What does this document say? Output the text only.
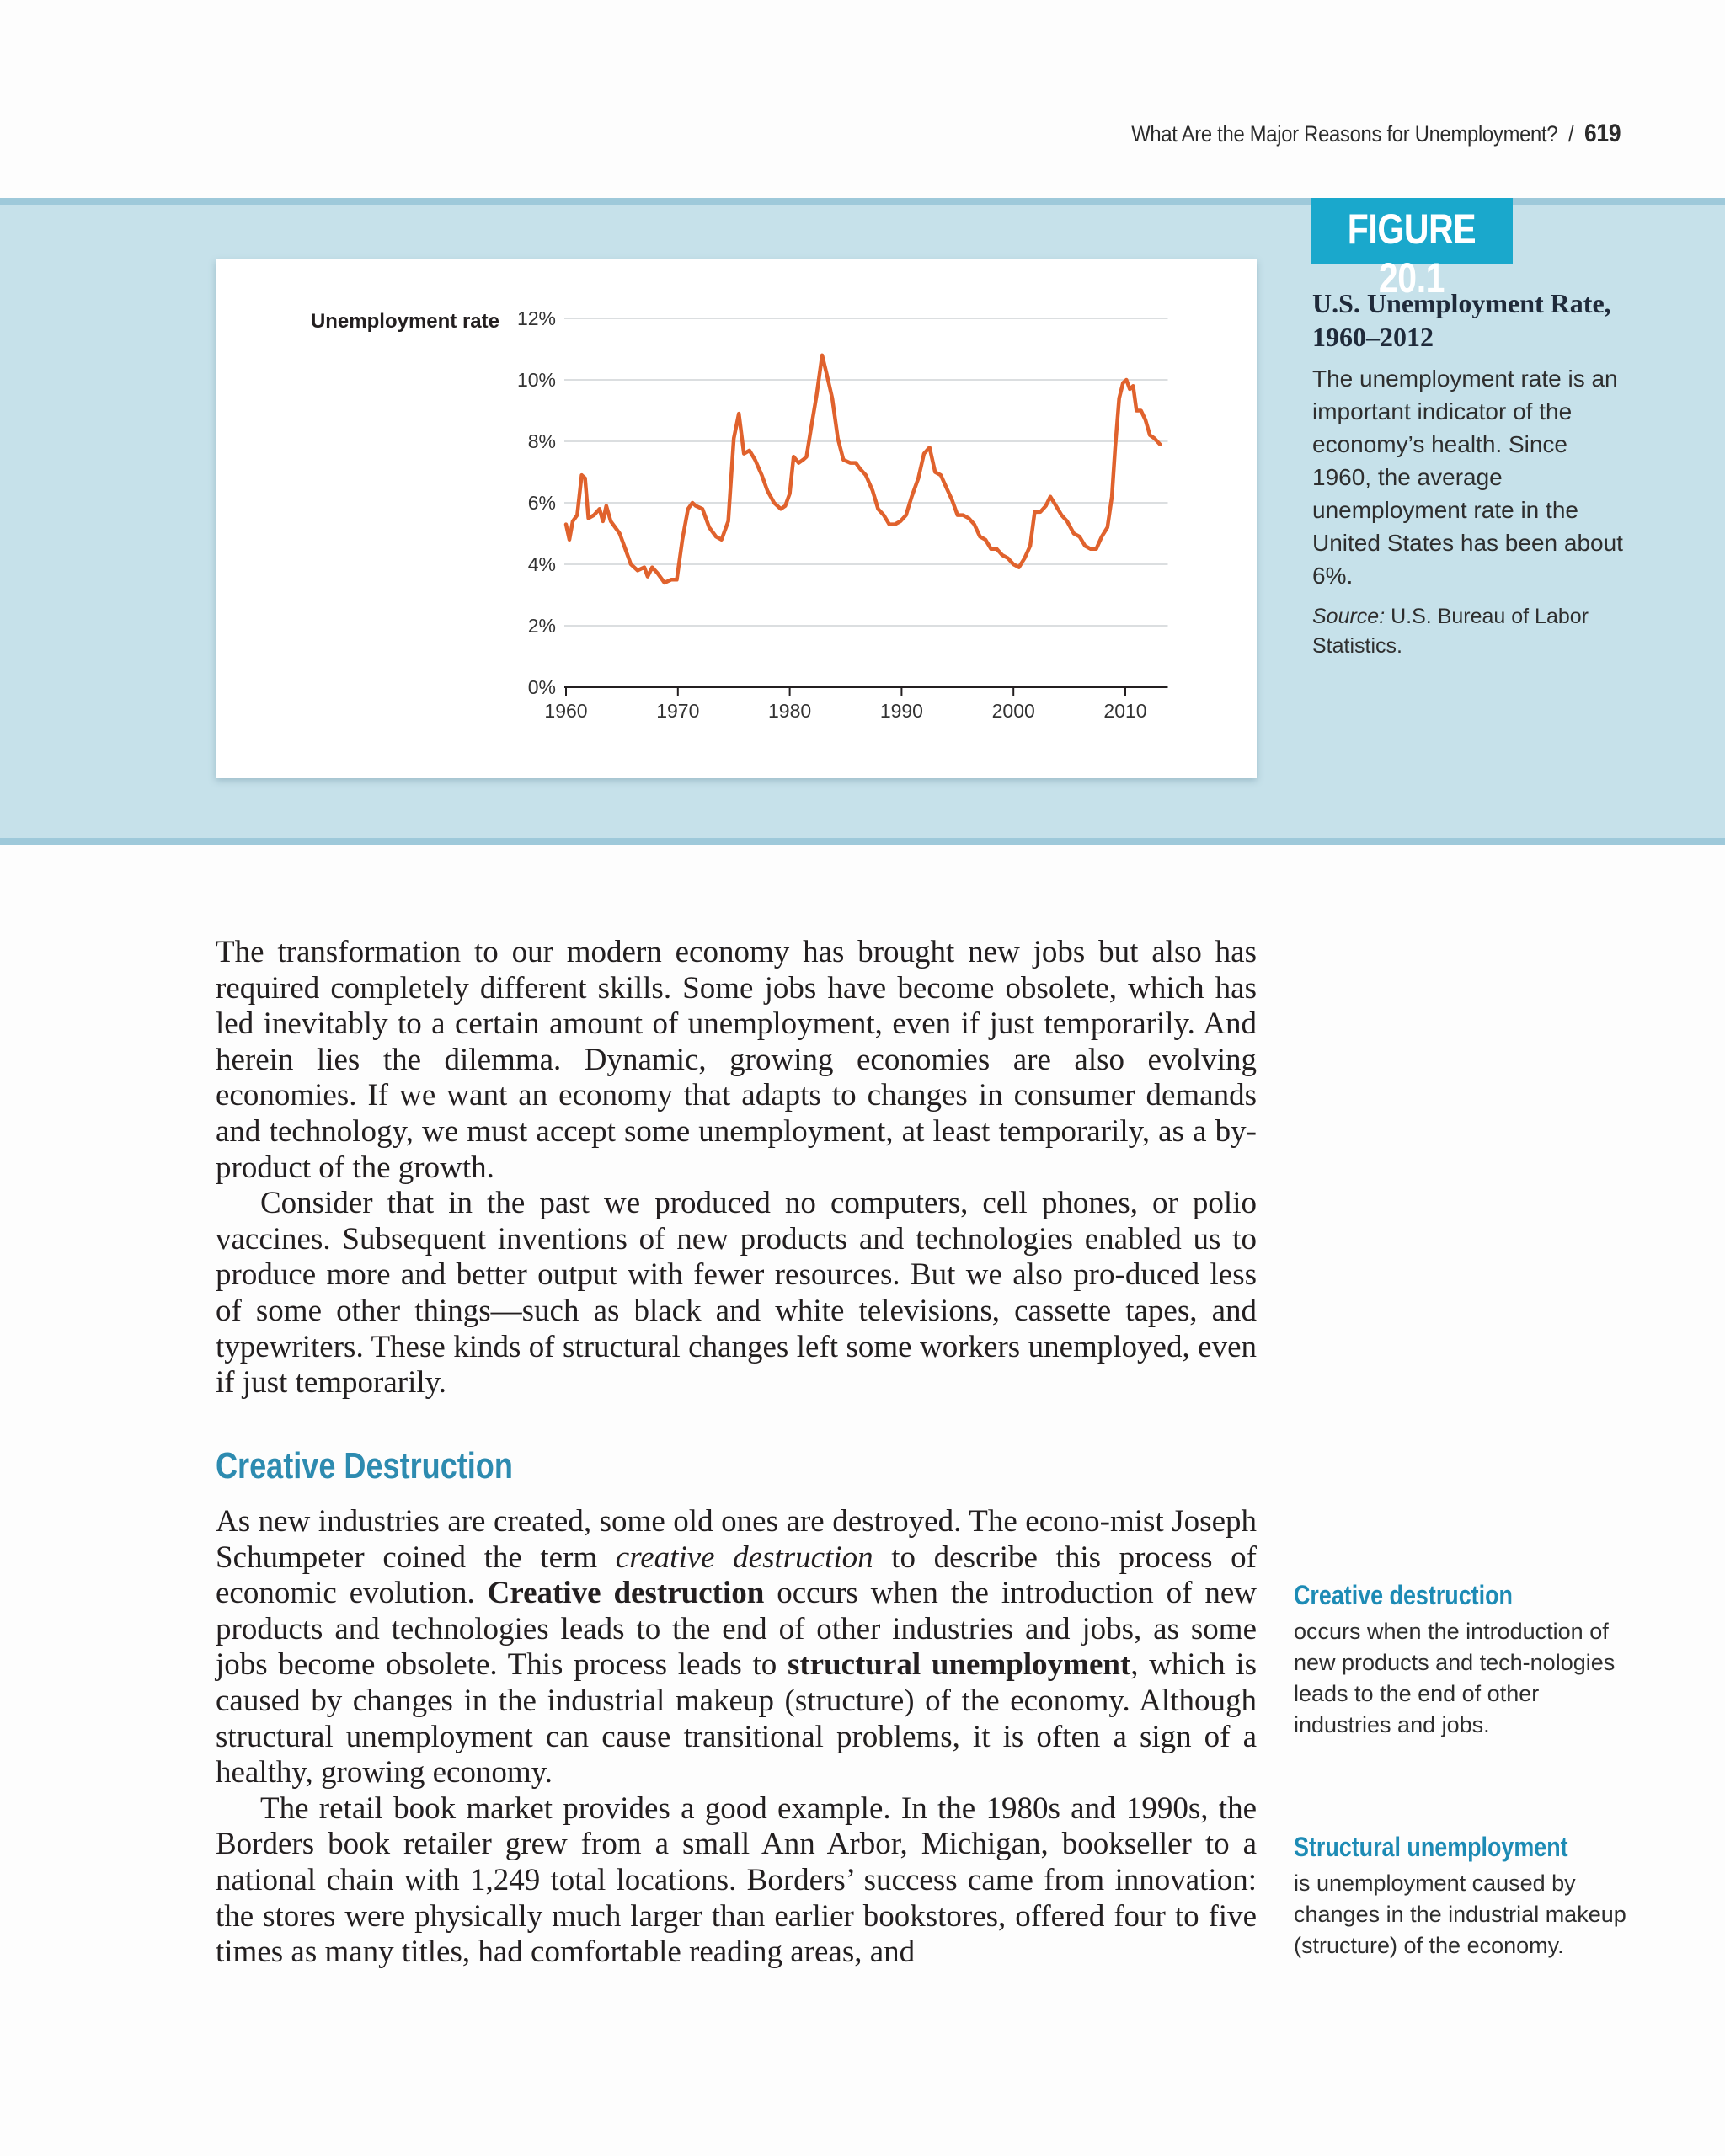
What Are the Major Reasons for Unemployment? / 619
FIGURE 20.1
Unemployment rate
0%
2%
4%
6%
8%
10%
12%
1960	1970	1980	1990	2000	2010

U.S. Unemployment Rate, 1960–2012

The unemployment rate is an important indicator of the economy’s health. Since 1960, the average unemployment rate in the United States has been about 6%.

Source: U.S. Bureau of Labor Statistics.

The transformation to our modern economy has brought new jobs but also has required completely different skills. Some jobs have become obsolete, which has led inevitably to a certain amount of unemployment, even if just temporarily. And herein lies the dilemma. Dynamic, growing economies are also evolving economies. If we want an economy that adapts to changes in consumer demands and technology, we must accept some unemployment, at least temporarily, as a by-product of the growth.

Consider that in the past we produced no computers, cell phones, or polio vaccines. Subsequent inventions of new products and technologies enabled us to produce more and better output with fewer resources. But we also pro-duced less of some other things—such as black and white televisions, cassette tapes, and typewriters. These kinds of structural changes left some workers unemployed, even if just temporarily.

Creative Destruction

As new industries are created, some old ones are destroyed. The econo-mist Joseph Schumpeter coined the term creative destruction to describe this process of economic evolution. Creative destruction occurs when the introduction of new products and technologies leads to the end of other industries and jobs, as some jobs become obsolete. This process leads to structural unemployment, which is caused by changes in the industrial makeup (structure) of the economy. Although structural unemployment can cause transitional problems, it is often a sign of a healthy, growing economy.

The retail book market provides a good example. In the 1980s and 1990s, the Borders book retailer grew from a small Ann Arbor, Michigan, bookseller to a national chain with 1,249 total locations. Borders’ success came from innovation: the stores were physically much larger than earlier bookstores, offered four to five times as many titles, had comfortable reading areas, and

Creative destruction
occurs when the introduction of new products and tech-nologies leads to the end of other industries and jobs.
Structural unemployment
is unemployment caused by changes in the industrial makeup (structure) of the economy.
